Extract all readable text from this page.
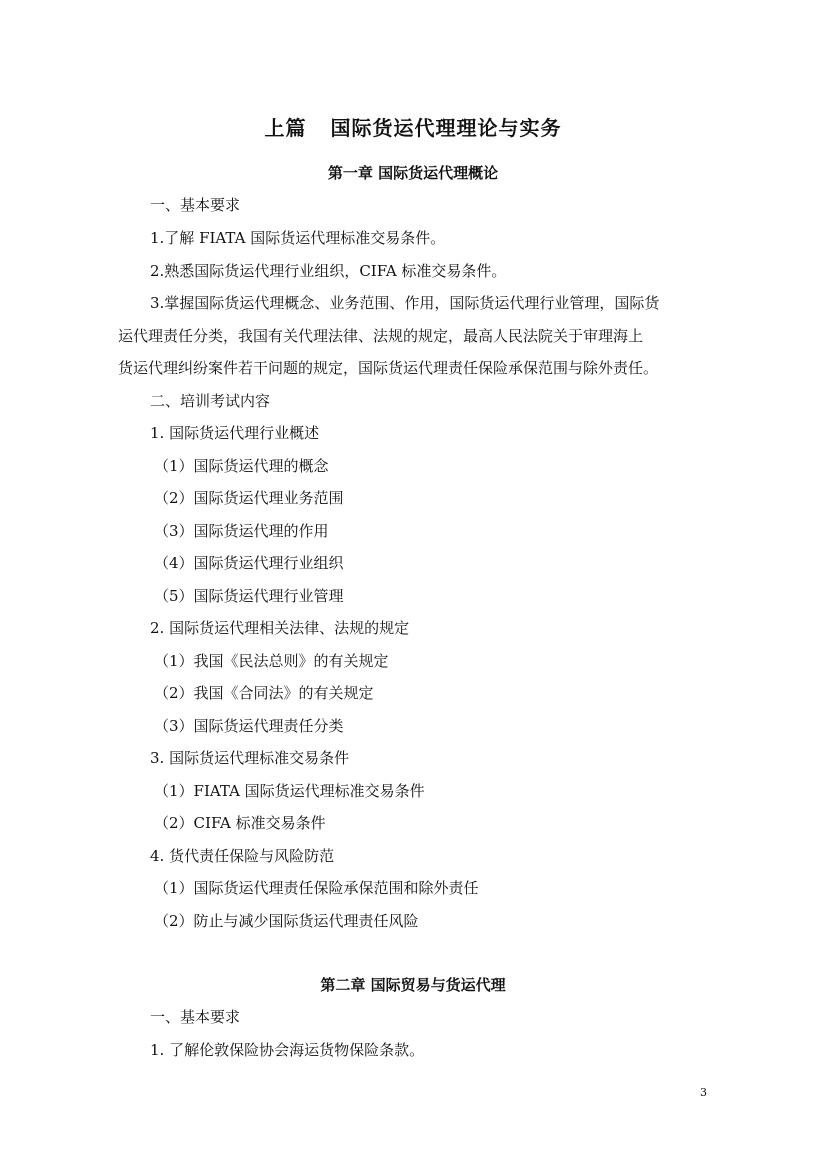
上篇 国际货运代理理论与实务
第一章 国际货运代理概论
一、基本要求
1.了解 FIATA 国际货运代理标准交易条件。
2.熟悉国际货运代理行业组织，CIFA 标准交易条件。
3.掌握国际货运代理概念、业务范围、作用，国际货运代理行业管理，国际货
运代理责任分类，我国有关代理法律、法规的规定，最高人民法院关于审理海上
货运代理纠纷案件若干问题的规定，国际货运代理责任保险承保范围与除外责任。
二、培训考试内容
1. 国际货运代理行业概述
（1）国际货运代理的概念
（2）国际货运代理业务范围
（3）国际货运代理的作用
（4）国际货运代理行业组织
（5）国际货运代理行业管理
2. 国际货运代理相关法律、法规的规定
（1）我国《民法总则》的有关规定
（2）我国《合同法》的有关规定
（3）国际货运代理责任分类
3. 国际货运代理标准交易条件
（1）FIATA 国际货运代理标准交易条件
（2）CIFA 标准交易条件
4. 货代责任保险与风险防范
（1）国际货运代理责任保险承保范围和除外责任
（2）防止与减少国际货运代理责任风险
第二章 国际贸易与货运代理
一、基本要求
1. 了解伦敦保险协会海运货物保险条款。
3
